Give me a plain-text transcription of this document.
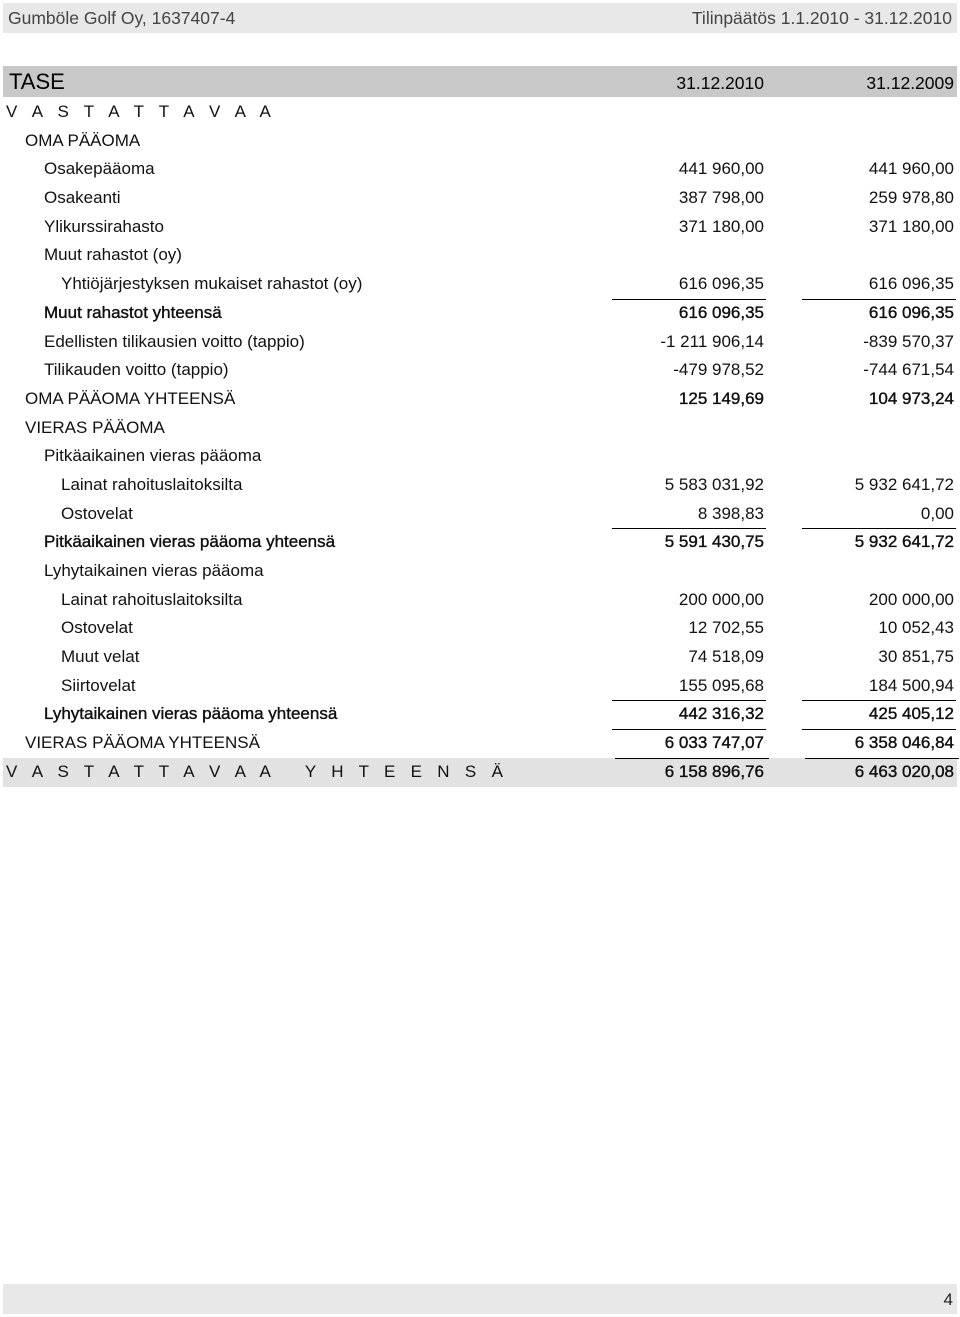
Gumböle Golf Oy, 1637407-4	Tilinpäätös 1.1.2010 - 31.12.2010
TASE	31.12.2010	31.12.2009
V A S T A T T A V A A
OMA PÄÄOMA
Osakepääoma	441 960,00	441 960,00
Osakeanti	387 798,00	259 978,80
Ylikurssirahasto	371 180,00	371 180,00
Muut rahastot (oy)
Yhtiöjärjestyksen mukaiset rahastot (oy)	616 096,35	616 096,35
Muut rahastot yhteensä	616 096,35	616 096,35
Edellisten tilikausien voitto (tappio)	-1 211 906,14	-839 570,37
Tilikauden voitto (tappio)	-479 978,52	-744 671,54
OMA PÄÄOMA YHTEENSÄ	125 149,69	104 973,24
VIERAS PÄÄOMA
Pitkäaikainen vieras pääoma
Lainat rahoituslaitoksilta	5 583 031,92	5 932 641,72
Ostovelat	8 398,83	0,00
Pitkäaikainen vieras pääoma yhteensä	5 591 430,75	5 932 641,72
Lyhytaikainen vieras pääoma
Lainat rahoituslaitoksilta	200 000,00	200 000,00
Ostovelat	12 702,55	10 052,43
Muut velat	74 518,09	30 851,75
Siirtovelat	155 095,68	184 500,94
Lyhytaikainen vieras pääoma yhteensä	442 316,32	425 405,12
VIERAS PÄÄOMA YHTEENSÄ	6 033 747,07	6 358 046,84
V A S T A T T A V A A   Y H T E E N S Ä	6 158 896,76	6 463 020,08
4
